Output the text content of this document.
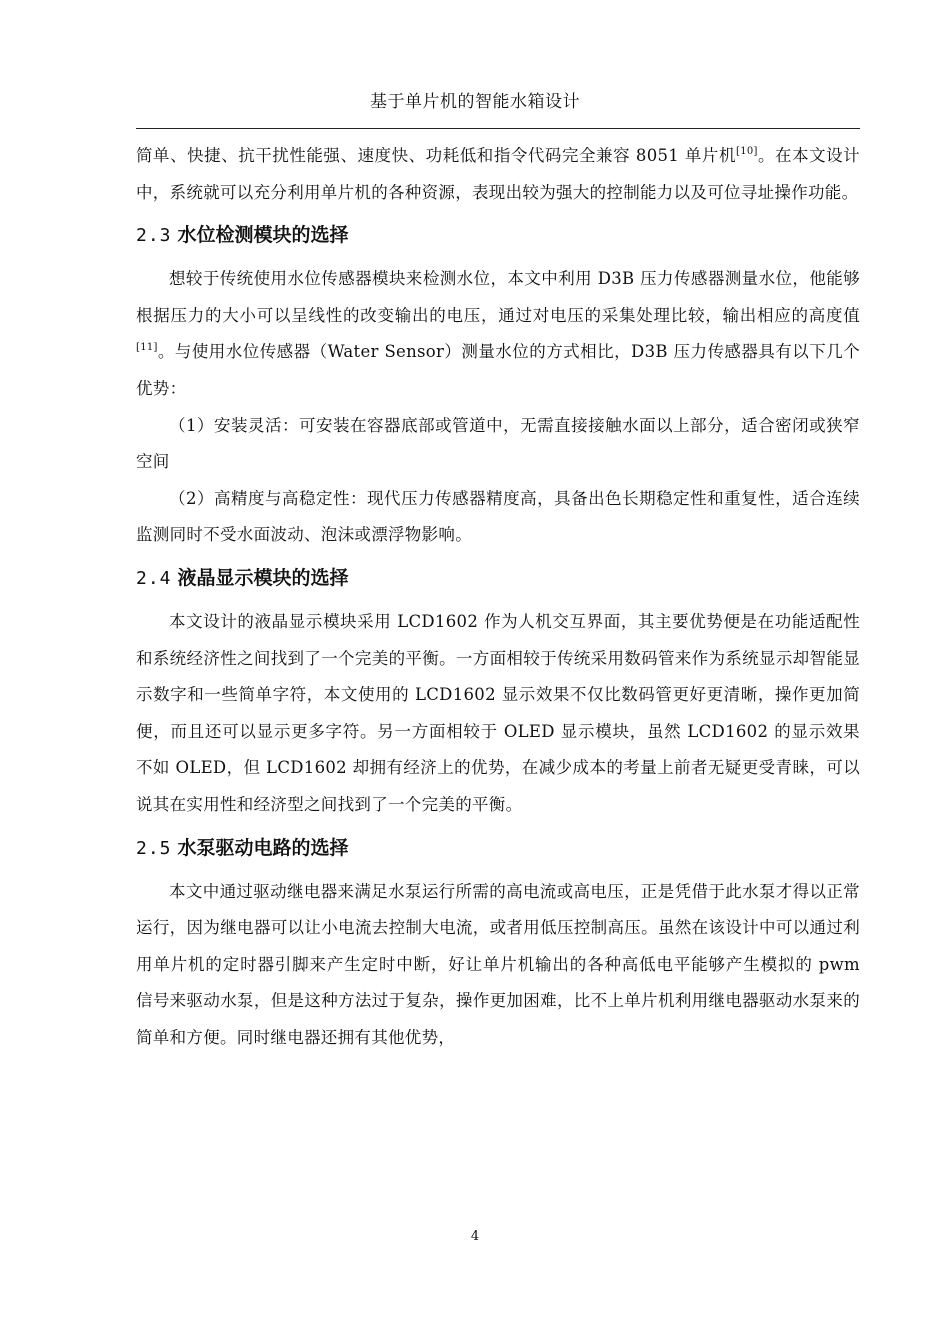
基于单片机的智能水箱设计

简单、快捷、抗干扰性能强、速度快、功耗低和指令代码完全兼容 8051 单片机[10]。在本文设计中，系统就可以充分利用单片机的各种资源，表现出较为强大的控制能力以及可位寻址操作功能。

2.3 水位检测模块的选择

想较于传统使用水位传感器模块来检测水位，本文中利用 D3B 压力传感器测量水位，他能够根据压力的大小可以呈线性的改变输出的电压，通过对电压的采集处理比较，输出相应的高度值[11]。与使用水位传感器（Water Sensor）测量水位的方式相比，D3B 压力传感器具有以下几个优势：

（1）安装灵活：可安装在容器底部或管道中，无需直接接触水面以上部分，适合密闭或狭窄空间

（2）高精度与高稳定性：现代压力传感器精度高，具备出色长期稳定性和重复性，适合连续监测同时不受水面波动、泡沫或漂浮物影响。

2.4 液晶显示模块的选择

本文设计的液晶显示模块采用 LCD1602 作为人机交互界面，其主要优势便是在功能适配性和系统经济性之间找到了一个完美的平衡。一方面相较于传统采用数码管来作为系统显示却智能显示数字和一些简单字符，本文使用的 LCD1602 显示效果不仅比数码管更好更清晰，操作更加简便，而且还可以显示更多字符。另一方面相较于 OLED 显示模块，虽然 LCD1602 的显示效果不如 OLED，但 LCD1602 却拥有经济上的优势，在减少成本的考量上前者无疑更受青睐，可以说其在实用性和经济型之间找到了一个完美的平衡。

2.5 水泵驱动电路的选择

本文中通过驱动继电器来满足水泵运行所需的高电流或高电压，正是凭借于此水泵才得以正常运行，因为继电器可以让小电流去控制大电流，或者用低压控制高压。虽然在该设计中可以通过利用单片机的定时器引脚来产生定时中断，好让单片机输出的各种高低电平能够产生模拟的 pwm 信号来驱动水泵，但是这种方法过于复杂，操作更加困难，比不上单片机利用继电器驱动水泵来的简单和方便。同时继电器还拥有其他优势，

4
